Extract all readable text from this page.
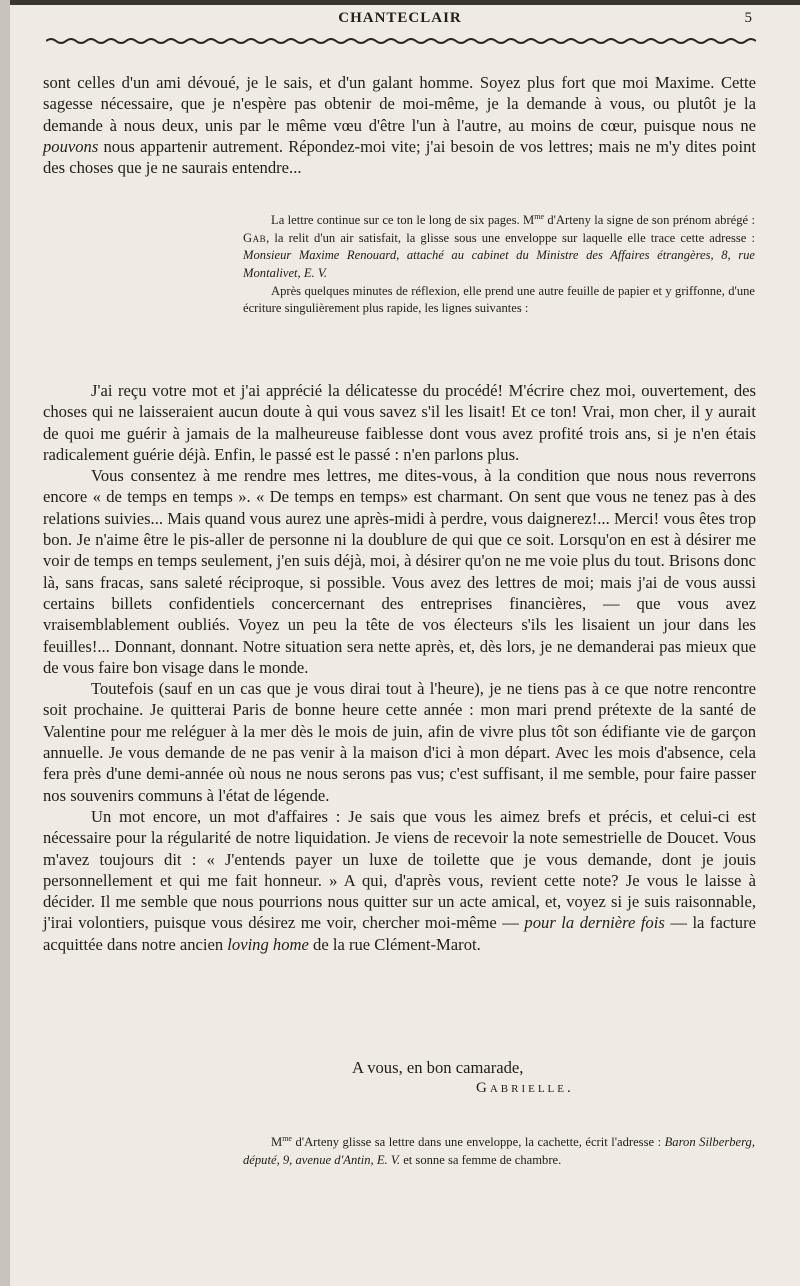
CHANTECLAIR	5

sont celles d'un ami dévoué, je le sais, et d'un galant homme. Soyez plus fort que moi Maxime. Cette sagesse nécessaire, que je n'espère pas obtenir de moi-même, je la demande à vous, ou plutôt je la demande à nous deux, unis par le même vœu d'être l'un à l'autre, au moins de cœur, puisque nous ne pouvons nous appartenir autrement. Répondez-moi vite; j'ai besoin de vos lettres; mais ne m'y dites point des choses que je ne saurais entendre...

La lettre continue sur ce ton le long de six pages. $M^{me}$ d'Arteny la signe de son prénom abrégé : Gab, la relit d'un air satisfait, la glisse sous une enveloppe sur laquelle elle trace cette adresse : Monsieur Maxime Renouard, attaché au cabinet du Ministre des Affaires étrangères, 8, rue Montalivet, E. V.

Après quelques minutes de réflexion, elle prend une autre feuille de papier et y griffonne, d'une écriture singulièrement plus rapide, les lignes suivantes :

J'ai reçu votre mot et j'ai apprécié la délicatesse du procédé! M'écrire chez moi, ouvertement, des choses qui ne laisseraient aucun doute à qui vous savez s'il les lisait! Et ce ton! Vrai, mon cher, il y aurait de quoi me guérir à jamais de la malheureuse faiblesse dont vous avez profité trois ans, si je n'en étais radicalement guérie déjà. Enfin, le passé est le passé : n'en parlons plus.

Vous consentez à me rendre mes lettres, me dites-vous, à la condition que nous nous reverrons encore « de temps en temps ». « De temps en temps» est charmant. On sent que vous ne tenez pas à des relations suivies... Mais quand vous aurez une après-midi à perdre, vous daignerez!... Merci! vous êtes trop bon. Je n'aime être le pis-aller de personne ni la doublure de qui que ce soit. Lorsqu'on en est à désirer me voir de temps en temps seulement, j'en suis déjà, moi, à désirer qu'on ne me voie plus du tout. Brisons donc là, sans fracas, sans saleté réciproque, si possible. Vous avez des lettres de moi; mais j'ai de vous aussi certains billets confidentiels concercernant des entreprises financières, — que vous avez vraisemblablement oubliés. Voyez un peu la tête de vos électeurs s'ils les lisaient un jour dans les feuilles!... Donnant, donnant. Notre situation sera nette après, et, dès lors, je ne demanderai pas mieux que de vous faire bon visage dans le monde.

Toutefois (sauf en un cas que je vous dirai tout à l'heure), je ne tiens pas à ce que notre rencontre soit prochaine. Je quitterai Paris de bonne heure cette année : mon mari prend prétexte de la santé de Valentine pour me reléguer à la mer dès le mois de juin, afin de vivre plus tôt son édifiante vie de garçon annuelle. Je vous demande de ne pas venir à la maison d'ici à mon départ. Avec les mois d'absence, cela fera près d'une demi-année où nous ne nous serons pas vus; c'est suffisant, il me semble, pour faire passer nos souvenirs communs à l'état de légende.

Un mot encore, un mot d'affaires : Je sais que vous les aimez brefs et précis, et celui-ci est nécessaire pour la régularité de notre liquidation. Je viens de recevoir la note semestrielle de Doucet. Vous m'avez toujours dit : « J'entends payer un luxe de toilette que je vous demande, dont je jouis personnellement et qui me fait honneur. » A qui, d'après vous, revient cette note? Je vous le laisse à décider. Il me semble que nous pourrions nous quitter sur un acte amical, et, voyez si je suis raisonnable, j'irai volontiers, puisque vous désirez me voir, chercher moi-même — pour la dernière fois — la facture acquittée dans notre ancien loving home de la rue Clément-Marot.

A vous, en bon camarade,
Gabrielle.

$M^{me}$ d'Arteny glisse sa lettre dans une enveloppe, la cachette, écrit l'adresse : Baron Silberberg, député, 9, avenue d'Antin, E. V. et sonne sa femme de chambre.
